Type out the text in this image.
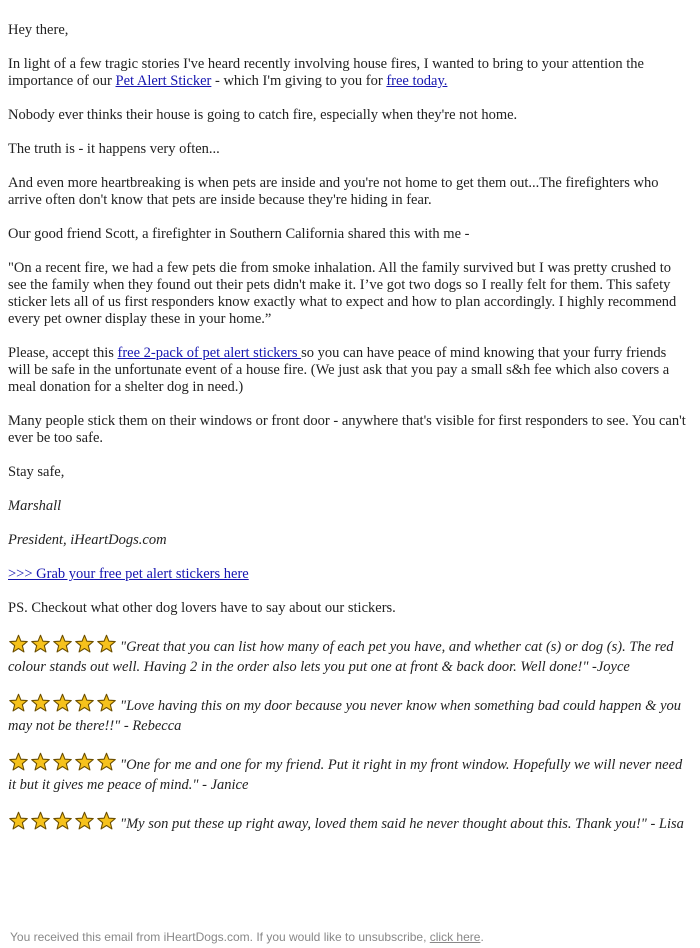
Hey there,

In light of a few tragic stories I've heard recently involving house fires, I wanted to bring to your attention the importance of our Pet Alert Sticker - which I'm giving to you for free today.

Nobody ever thinks their house is going to catch fire, especially when they're not home.

The truth is - it happens very often...

And even more heartbreaking is when pets are inside and you're not home to get them out...The firefighters who arrive often don't know that pets are inside because they're hiding in fear.

Our good friend Scott, a firefighter in Southern California shared this with me -

"On a recent fire, we had a few pets die from smoke inhalation. All the family survived but I was pretty crushed to see the family when they found out their pets didn't make it. I’ve got two dogs so I really felt for them. This safety sticker lets all of us first responders know exactly what to expect and how to plan accordingly. I highly recommend every pet owner display these in your home.”

Please, accept this free 2-pack of pet alert stickers so you can have peace of mind knowing that your furry friends will be safe in the unfortunate event of a house fire. (We just ask that you pay a small s&h fee which also covers a meal donation for a shelter dog in need.)

Many people stick them on their windows or front door - anywhere that's visible for first responders to see. You can't ever be too safe.

Stay safe,

Marshall

President, iHeartDogs.com

>>> Grab your free pet alert stickers here

PS. Checkout what other dog lovers have to say about our stickers.

"Great that you can list how many of each pet you have, and whether cat (s) or dog (s). The red colour stands out well. Having 2 in the order also lets you put one at front & back door. Well done!" -Joyce
"Love having this on my door because you never know when something bad could happen & you may not be there!!" - Rebecca
"One for me and one for my friend. Put it right in my front window. Hopefully we will never need it but it gives me peace of mind." - Janice
"My son put these up right away, loved them said he never thought about this. Thank you!" - Lisa
You received this email from iHeartDogs.com. If you would like to unsubscribe, click here.
